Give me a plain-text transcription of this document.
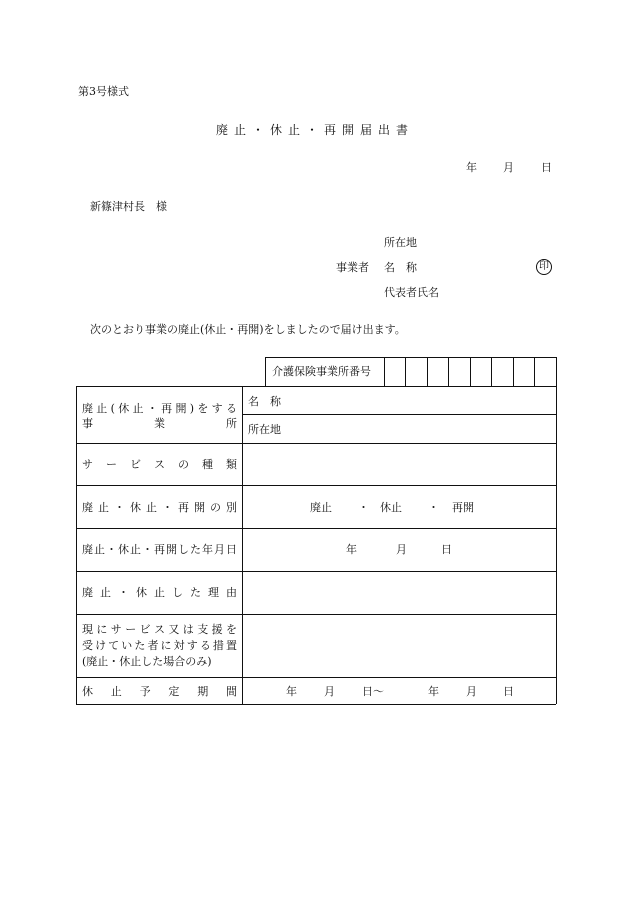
第3号様式
廃止・休止・再開届出書
年 月 日
新篠津村長　様
所在地
事業者 名　称	印
代表者氏名
次のとおり事業の廃止(休止・再開)をしましたので届け出ます。
介護保険事業所番号
廃止(休止・再開)をする
事業所
名　称
所在地
サービスの種類
廃止・休止・再開の別	廃止 ・ 休止 ・ 再開
廃止・休止・再開した年月日	年	月	日
廃止・休止した理由
現にサービス又は支援を
受けていた者に対する措置
(廃止・休止した場合のみ)
休止予定期間	年 月 日～	年 月 日
